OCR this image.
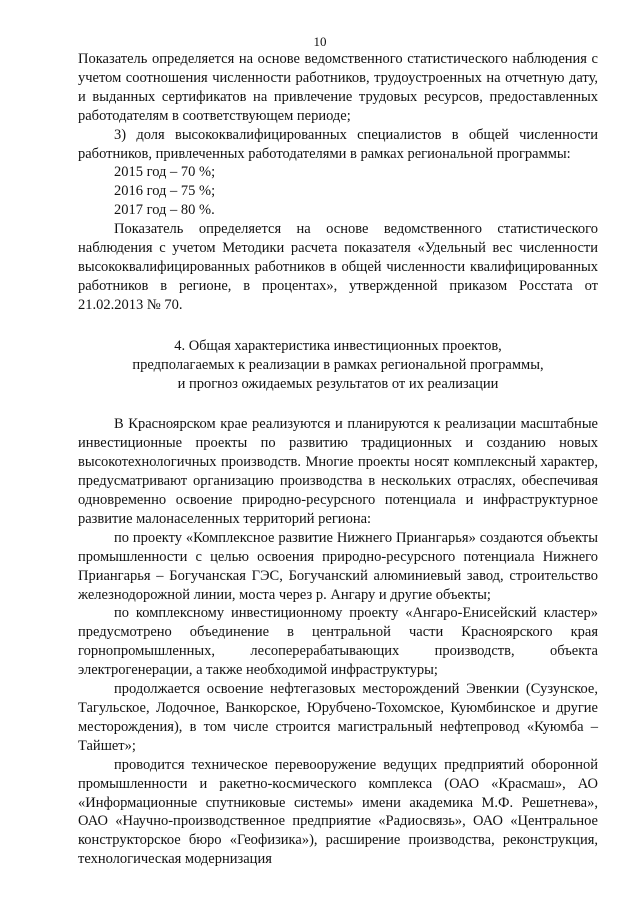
10

Показатель определяется на основе ведомственного статистического наблюдения с учетом соотношения численности работников, трудоустроенных на отчетную дату, и выданных сертификатов на привлечение трудовых ресурсов, предоставленных работодателям в соответствующем периоде;

3) доля высококвалифицированных специалистов в общей численности работников, привлеченных работодателями в рамках региональной программы:

2015 год – 70 %;

2016 год – 75 %;

2017 год – 80 %.

Показатель определяется на основе ведомственного статистического наблюдения с учетом Методики расчета показателя «Удельный вес численности высококвалифицированных работников в общей численности квалифицированных работников в регионе, в процентах», утвержденной приказом Росстата от 21.02.2013 № 70.

4. Общая характеристика инвестиционных проектов,
предполагаемых к реализации в рамках региональной программы,
и прогноз ожидаемых результатов от их реализации

В Красноярском крае реализуются и планируются к реализации масштабные инвестиционные проекты по развитию традиционных и созданию новых высокотехнологичных производств. Многие проекты носят комплексный характер, предусматривают организацию производства в нескольких отраслях, обеспечивая одновременно освоение природно-ресурсного потенциала и инфраструктурное развитие малонаселенных территорий региона:

по проекту «Комплексное развитие Нижнего Приангарья» создаются объекты промышленности с целью освоения природно-ресурсного потенциала Нижнего Приангарья – Богучанская ГЭС, Богучанский алюминиевый завод, строительство железнодорожной линии, моста через р. Ангару и другие объекты;

по комплексному инвестиционному проекту «Ангаро-Енисейский кластер» предусмотрено объединение в центральной части Красноярского края горнопромышленных, лесоперерабатывающих производств, объекта электрогенерации, а также необходимой инфраструктуры;

продолжается освоение нефтегазовых месторождений Эвенкии (Сузунское, Тагульское, Лодочное, Ванкорское, Юрубчено-Тохомское, Куюмбинское и другие месторождения), в том числе строится магистральный нефтепровод «Куюмба – Тайшет»;

проводится техническое перевооружение ведущих предприятий оборонной промышленности и ракетно-космического комплекса (ОАО «Красмаш», АО «Информационные спутниковые системы» имени академика М.Ф. Решетнева», ОАО «Научно-производственное предприятие «Радиосвязь», ОАО «Центральное конструкторское бюро «Геофизика»), расширение производства, реконструкция, технологическая модернизация
